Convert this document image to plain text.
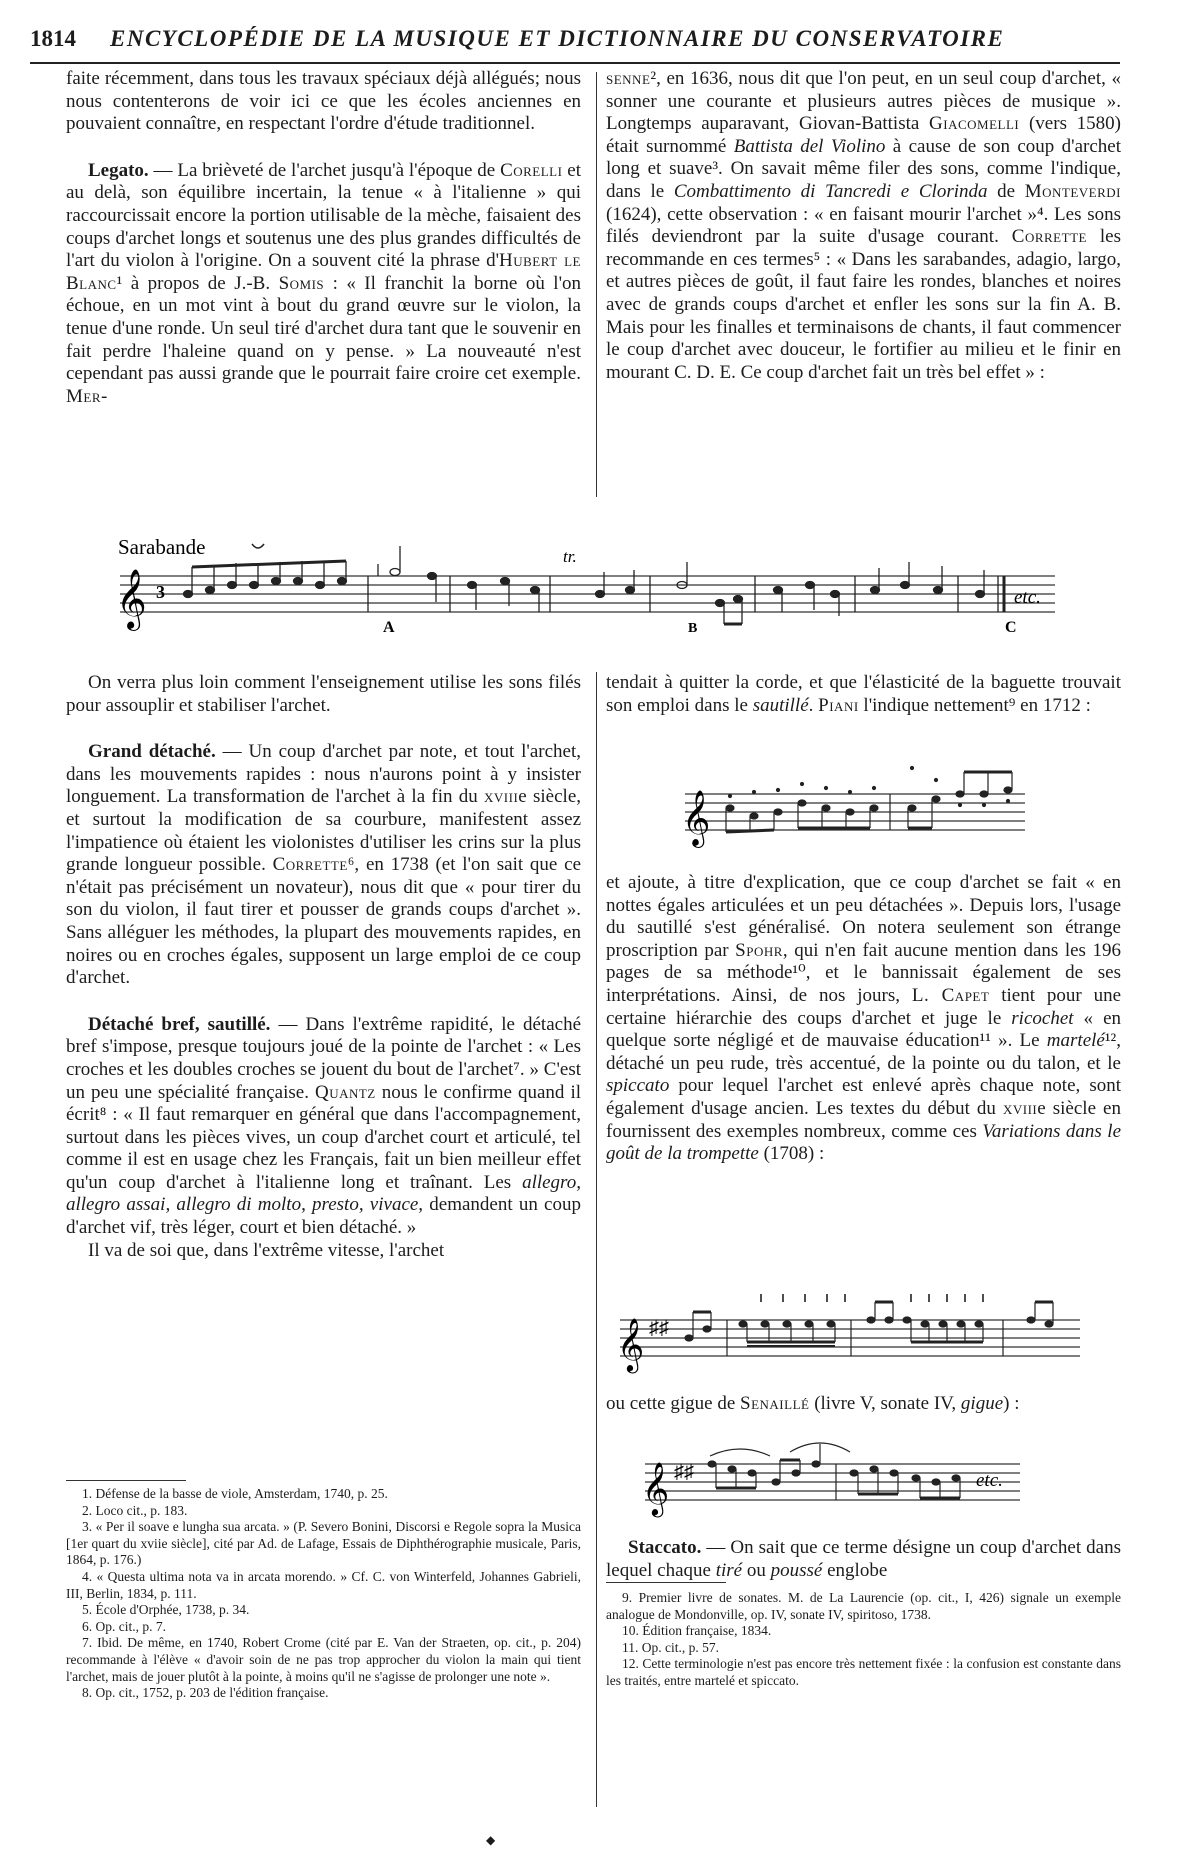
1814 ENCYCLOPÉDIE DE LA MUSIQUE ET DICTIONNAIRE DU CONSERVATOIRE

faite récemment, dans tous les travaux spéciaux déjà allégués; nous nous contenterons de voir ici ce que les écoles anciennes en pouvaient connaître, en respectant l'ordre d'étude traditionnel.

Legato. — La brièveté de l'archet jusqu'à l'époque de Corelli et au delà, son équilibre incertain, la tenue « à l'italienne » qui raccourcissait encore la portion utilisable de la mèche, faisaient des coups d'archet longs et soutenus une des plus grandes difficultés de l'art du violon à l'origine. On a souvent cité la phrase d'Hubert le Blanc¹ à propos de J.-B. Somis : « Il franchit la borne où l'on échoue, en un mot vint à bout du grand œuvre sur le violon, la tenue d'une ronde. Un seul tiré d'archet dura tant que le souvenir en fait perdre l'haleine quand on y pense. » La nouveauté n'est cependant pas aussi grande que le pourrait faire croire cet exemple. Mer-

senne², en 1636, nous dit que l'on peut, en un seul coup d'archet, « sonner une courante et plusieurs autres pièces de musique ». Longtemps auparavant, Giovan-Battista Giacomelli (vers 1580) était surnommé Battista del Violino à cause de son coup d'archet long et suave³. On savait même filer des sons, comme l'indique, dans le Combattimento di Tancredi e Clorinda de Monteverdi (1624), cette observation : « en faisant mourir l'archet »⁴. Les sons filés deviendront par la suite d'usage courant. Corrette les recommande en ces termes⁵ : « Dans les sarabandes, adagio, largo, et autres pièces de goût, il faut faire les rondes, blanches et noires avec de grands coups d'archet et enfler les sons sur la fin A. B. Mais pour les finalles et terminaisons de chants, il faut commencer le coup d'archet avec douceur, le fortifier au milieu et le finir en mourant C. D. E. Ce coup d'archet fait un très bel effet » :

Sarabande
𝄞 3
tr.
A	B	C
etc.

On verra plus loin comment l'enseignement utilise les sons filés pour assouplir et stabiliser l'archet.

Grand détaché. — Un coup d'archet par note, et tout l'archet, dans les mouvements rapides : nous n'aurons point à y insister longuement. La transformation de l'archet à la fin du xviiie siècle, et surtout la modification de sa courbure, manifestent assez l'impatience où étaient les violonistes d'utiliser les crins sur la plus grande longueur possible. Corrette⁶, en 1738 (et l'on sait que ce n'était pas précisément un novateur), nous dit que « pour tirer du son du violon, il faut tirer et pousser de grands coups d'archet ». Sans alléguer les méthodes, la plupart des mouvements rapides, en noires ou en croches égales, supposent un large emploi de ce coup d'archet.

Détaché bref, sautillé. — Dans l'extrême rapidité, le détaché bref s'impose, presque toujours joué de la pointe de l'archet : « Les croches et les doubles croches se jouent du bout de l'archet⁷. » C'est un peu une spécialité française. Quantz nous le confirme quand il écrit⁸ : « Il faut remarquer en général que dans l'accompagnement, surtout dans les pièces vives, un coup d'archet court et articulé, tel comme il est en usage chez les Français, fait un bien meilleur effet qu'un coup d'archet à l'italienne long et traînant. Les allegro, allegro assai, allegro di molto, presto, vivace, demandent un coup d'archet vif, très léger, court et bien détaché. »

Il va de soi que, dans l'extrême vitesse, l'archet

1. Défense de la basse de viole, Amsterdam, 1740, p. 25.

2. Loco cit., p. 183.

3. « Per il soave e lungha sua arcata. » (P. Severo Bonini, Discorsi e Regole sopra la Musica [1er quart du xviie siècle], cité par Ad. de Lafage, Essais de Diphthérographie musicale, Paris, 1864, p. 176.)

4. « Questa ultima nota va in arcata morendo. » Cf. C. von Winterfeld, Johannes Gabrieli, III, Berlin, 1834, p. 111.

5. École d'Orphée, 1738, p. 34.

6. Op. cit., p. 7.

7. Ibid. De même, en 1740, Robert Crome (cité par E. Van der Straeten, op. cit., p. 204) recommande à l'élève « d'avoir soin de ne pas trop approcher du violon la main qui tient l'archet, mais de jouer plutôt à la pointe, à moins qu'il ne s'agisse de prolonger une note ».

8. Op. cit., 1752, p. 203 de l'édition française.

tendait à quitter la corde, et que l'élasticité de la baguette trouvait son emploi dans le sautillé. Piani l'indique nettement⁹ en 1712 :

𝄞

et ajoute, à titre d'explication, que ce coup d'archet se fait « en nottes égales articulées et un peu détachées ». Depuis lors, l'usage du sautillé s'est généralisé. On notera seulement son étrange proscription par Spohr, qui n'en fait aucune mention dans les 196 pages de sa méthode¹⁰, et le bannissait également de ses interprétations. Ainsi, de nos jours, L. Capet tient pour une certaine hiérarchie des coups d'archet et juge le ricochet « en quelque sorte négligé et de mauvaise éducation¹¹ ». Le martelé¹², détaché un peu rude, très accentué, de la pointe ou du talon, et le spiccato pour lequel l'archet est enlevé après chaque note, sont également d'usage ancien. Les textes du début du xviiie siècle en fournissent des exemples nombreux, comme ces Variations dans le goût de la trompette (1708) :

𝄞 ♯♯

ou cette gigue de Senaillé (livre V, sonate IV, gigue) :

𝄞 ♯♯	etc.

Staccato. — On sait que ce terme désigne un coup d'archet dans lequel chaque tiré ou poussé englobe

9. Premier livre de sonates. M. de La Laurencie (op. cit., I, 426) signale un exemple analogue de Mondonville, op. IV, sonate IV, spiritoso, 1738.

10. Édition française, 1834.

11. Op. cit., p. 57.

12. Cette terminologie n'est pas encore très nettement fixée : la confusion est constante dans les traités, entre martelé et spiccato.

◆
